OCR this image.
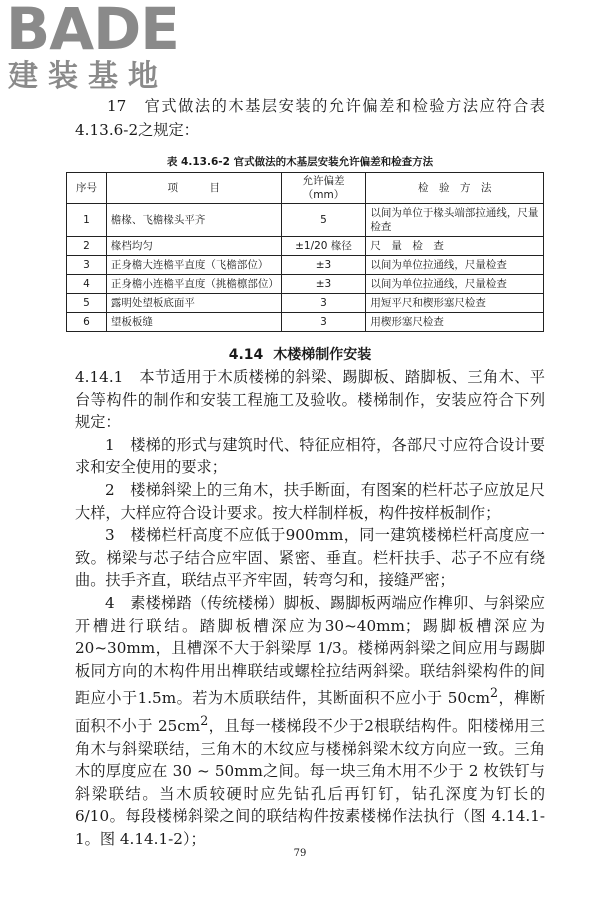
BADE
建装基地

17　官式做法的木基层安装的允许偏差和检验方法应符合表4.13.6-2之规定：

表 4.13.6-2 官式做法的木基层安装允许偏差和检查方法
序号	项　　　目	允许偏差（mm）	检　验　方　法
1	檐椽、飞檐椽头平齐	5	以间为单位于椽头端部拉通线，尺量检查
2	椽档均匀	±1/20 椽径	尺　量　检　查
3	正身檐大连檐平直度（飞檐部位）	±3	以间为单位拉通线，尺量检查
4	正身檐小连檐平直度（挑檐檩部位）	±3	以间为单位拉通线，尺量检查
5	露明处望板底面平	3	用短平尺和楔形塞尺检查
6	望板板缝	3	用楔形塞尺检查
4.14 木楼梯制作安装

4.14.1　本节适用于木质楼梯的斜梁、踢脚板、踏脚板、三角木、平台等构件的制作和安装工程施工及验收。楼梯制作，安装应符合下列规定：

1　楼梯的形式与建筑时代、特征应相符，各部尺寸应符合设计要求和安全使用的要求；

2　楼梯斜梁上的三角木，扶手断面，有图案的栏杆芯子应放足尺大样，大样应符合设计要求。按大样制样板，构件按样板制作；

3　楼梯栏杆高度不应低于900mm，同一建筑楼梯栏杆高度应一致。梯梁与芯子结合应牢固、紧密、垂直。栏杆扶手、芯子不应有绕曲。扶手齐直，联结点平齐牢固，转弯匀和，接缝严密；

4　素楼梯踏（传统楼梯）脚板、踢脚板两端应作榫卯、与斜梁应开槽进行联结。踏脚板槽深应为30~40mm；踢脚板槽深应为20~30mm，且槽深不大于斜梁厚 1/3。楼梯两斜梁之间应用与踢脚板同方向的木构件用出榫联结或螺栓拉结两斜梁。联结斜梁构件的间距应小于1.5m。若为木质联结件，其断面积不应小于 $50cm^2$，榫断面积不小于 $25cm^2$，且每一楼梯段不少于2根联结构件。阳楼梯用三角木与斜梁联结，三角木的木纹应与楼梯斜梁木纹方向应一致。三角木的厚度应在 30 ~ 50mm之间。每一块三角木用不少于 2 枚铁钉与斜梁联结。当木质较硬时应先钻孔后再钉钉，钻孔深度为钉长的 6/10。每段楼梯斜梁之间的联结构件按素楼梯作法执行（图 4.14.1-1。图 4.14.1-2）；

79
